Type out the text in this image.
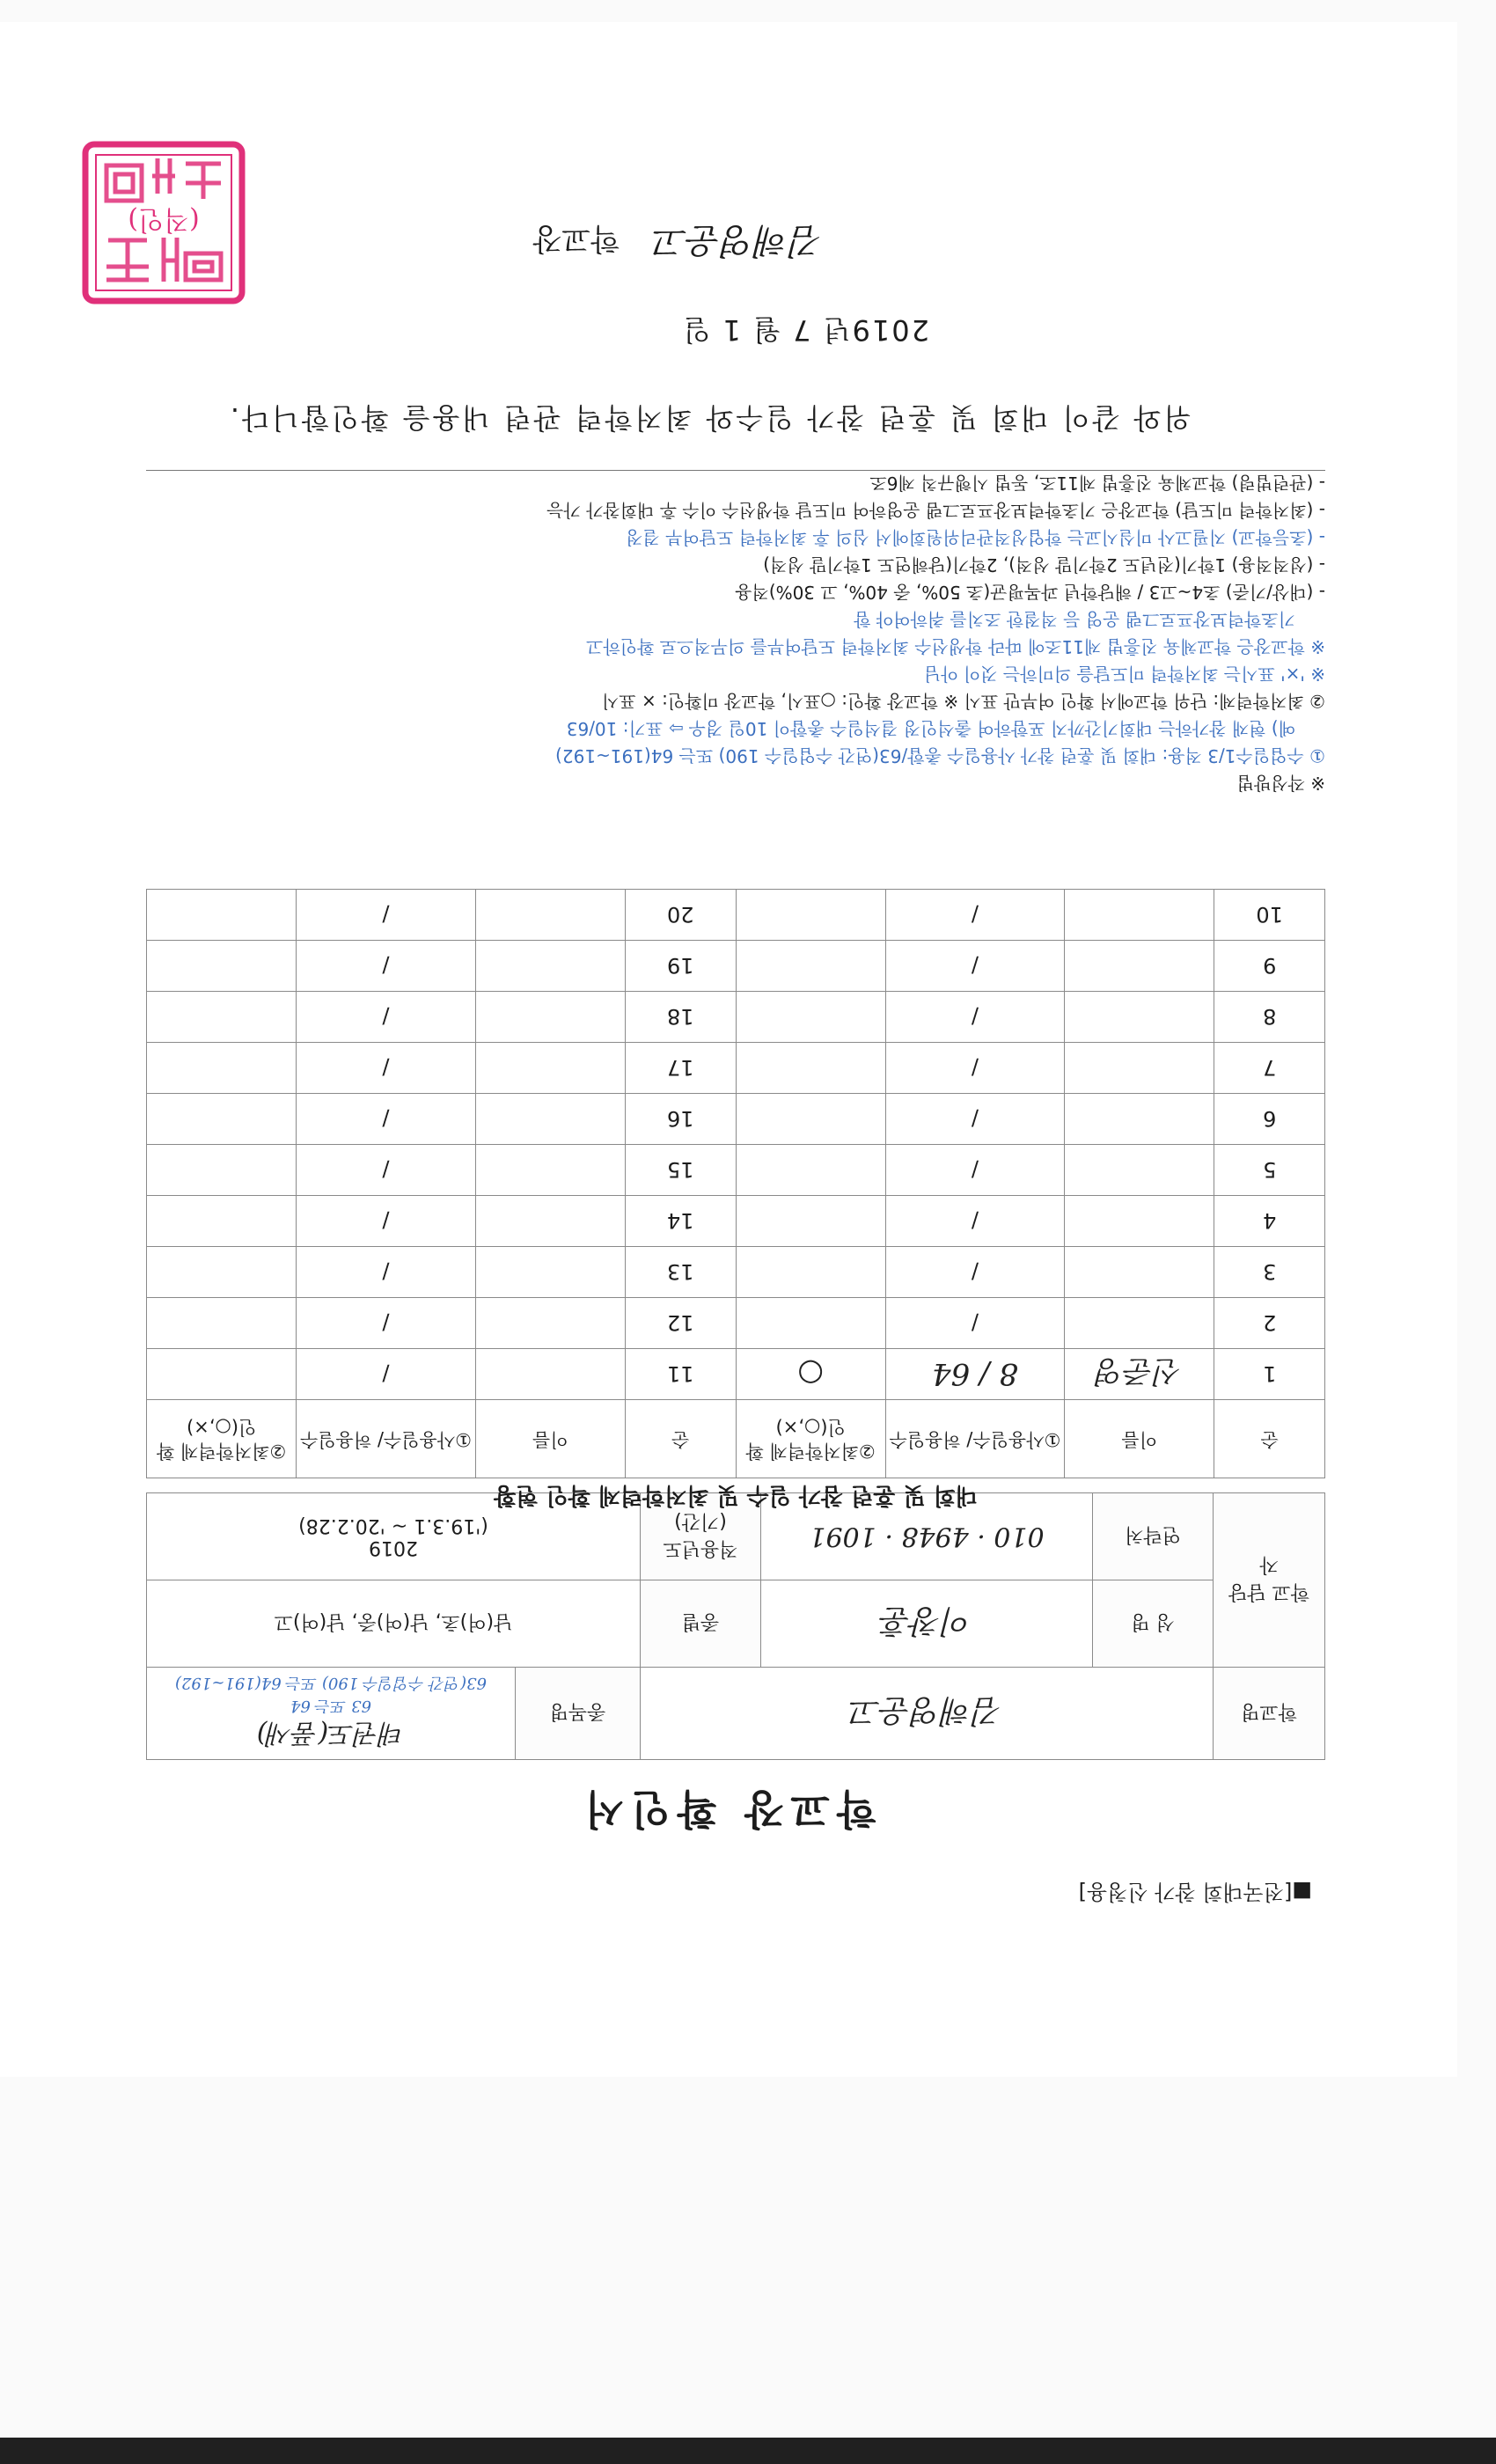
■[전국대회 참가 신청용]
학교장 확인서
학교명	김해영운고			종목명	태권도(품새)
63 또는 64
63(연간 수업일수 190) 또는 64(191~192)

학교 담당자	성 명	이창훈	종별	남(여)초, 남(여)중, 남(여)고	
	연락처	010 · 4948 · 1091	적용년도 (기간)	2019
('19.3.1 ~ '20.2.28)	
대회 및 훈련 참가 일수 및 최저학력제 확인 현황
순	이름	①사용일수/ 허용일수	②최저학력제 확인(○,×)	순	이름	①사용일수/ 허용일수	②최저학력제 확인(○,×)
1	신준영	8 / 64	○	11		/	
2		/		12		/	
3		/		13		/	
4		/		14		/	
5		/		15		/	
6		/		16		/	
7		/		17		/	
8		/		18		/	
9		/		19		/	
10		/		20		/	
※ 작성방법
① 수업일수1/3 적용: 대회 및 훈련 참가 사용일수 총합/63(연간 수업일수 190) 또는 64(191~192)
예) 현재 참가하는 대회기간까지 포함하여 출석인정 결석일수 총합이 10일 경우 ⇨ 표기: 10/63
② 최저학력제: 단위 학교에서 확인 여부만 표시 ※ 학교장 확인: ○표시, 학교장 미확인: × 표시
※ '×' 표시는 최저학력 미도달을 의미하는 것이 아님
※ 학교장은 학교체육 진흥법 제11조에 따라 학생선수 최저학력 도달여부를 의무적으로 확인하고
기초학력보장프로그램 운영 등 적절한 조치를 취하여야 함
- (대상/기준) 초4~고3 / 해당학년 과목평균(초 50%, 중 40%, 고 30%)적용
- (성적적용) 1학기(전년도 2학기말 성적), 2학기(당해연도 1학기말 성적)
- (초등학교) 지필고사 미실시교는 학업성적관리위원회에서 심의 후 최저학력 도달여부 결정
- (최저학력 미도달) 학교장은 기초학력보장프로그램 운영하여 미도달 학생선수 이수 후 대회참가 가능
- (관련법령) 학교체육 진흥법 제11조, 동법 시행규칙 제6조
위와 같이 대회 및 훈련 참가 일수와 최저학력 관련 내용을 확인합니다.
2019년 7 월 1 일
김해영운고 학교장
(직인)
